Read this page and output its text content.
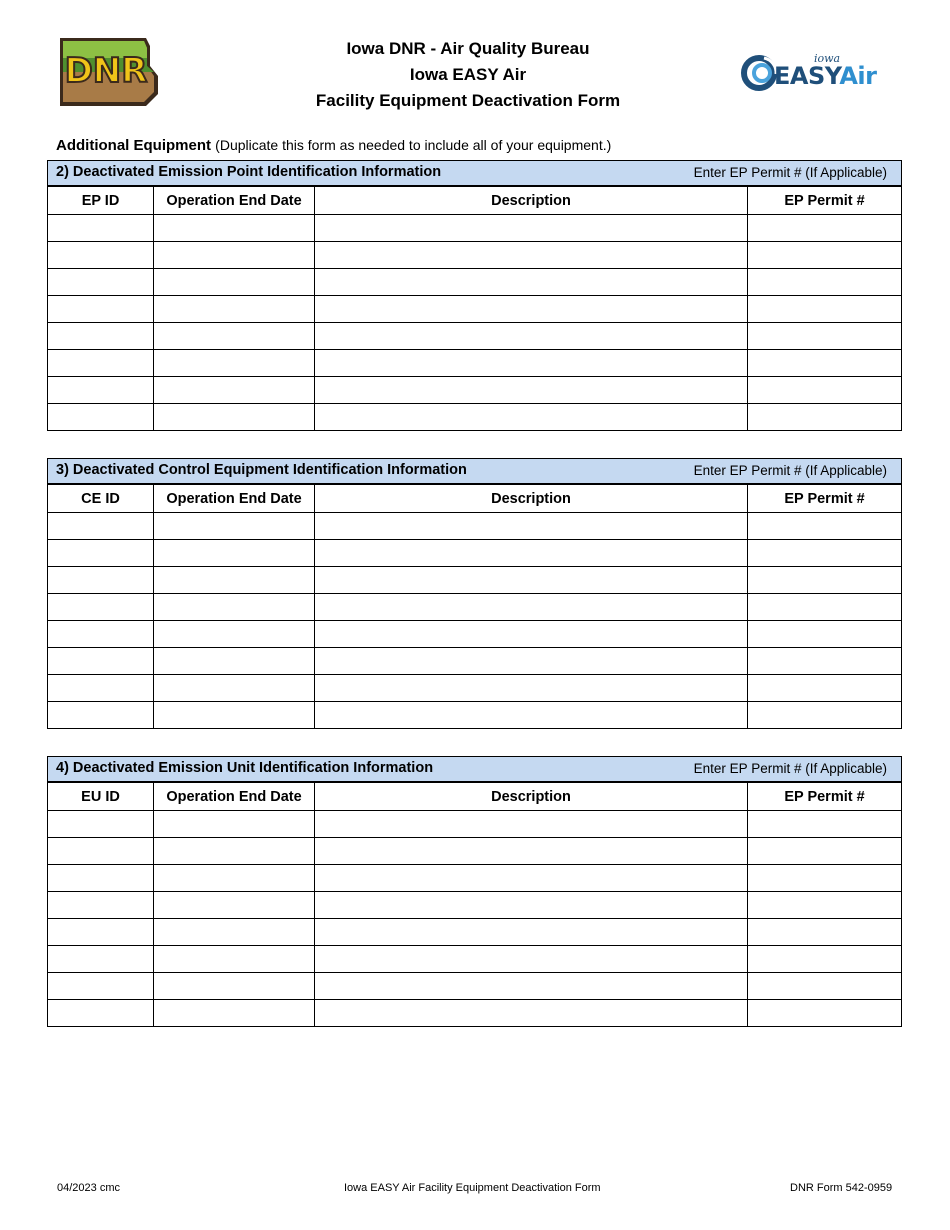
DNR	iowa
EASYAir
Iowa DNR - Air Quality Bureau
Iowa EASY Air
Facility Equipment Deactivation Form
Additional Equipment (Duplicate this form as needed to include all of your equipment.)
2) Deactivated Emission Point Identification Information	Enter EP Permit # (If Applicable)
EP ID	Operation End Date	Description	EP Permit #

3) Deactivated Control Equipment Identification Information	Enter EP Permit # (If Applicable)
CE ID	Operation End Date	Description	EP Permit #

4) Deactivated Emission Unit Identification Information	Enter EP Permit # (If Applicable)
EU ID	Operation End Date	Description	EP Permit #

04/2023 cmc	Iowa EASY Air Facility Equipment Deactivation Form	DNR Form 542-0959
